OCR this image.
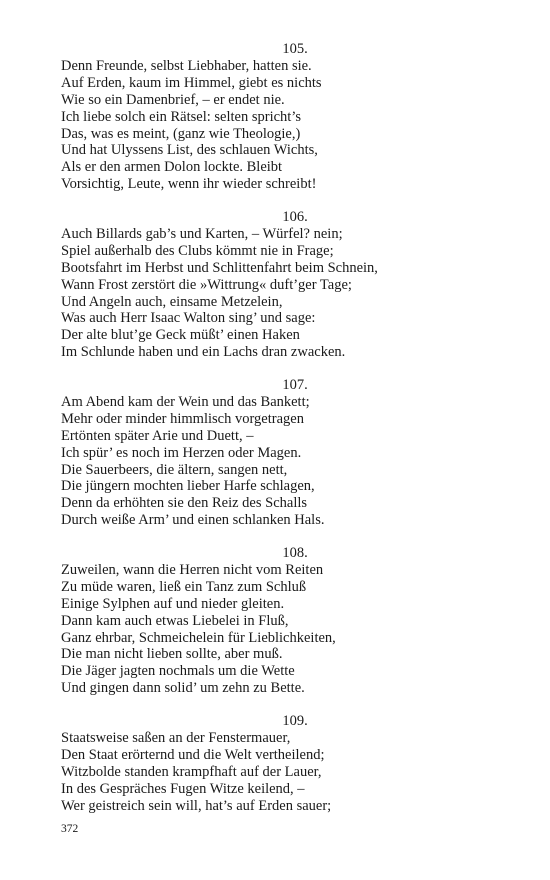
105.
Denn Freunde, selbst Liebhaber, hatten sie.
Auf Erden, kaum im Himmel, giebt es nichts
Wie so ein Damenbrief, – er endet nie.
Ich liebe solch ein Rätsel: selten spricht’s
Das, was es meint, (ganz wie Theologie,)
Und hat Ulyssens List, des schlauen Wichts,
Als er den armen Dolon lockte. Bleibt
Vorsichtig, Leute, wenn ihr wieder schreibt!
106.
Auch Billards gab’s und Karten, – Würfel? nein;
Spiel außerhalb des Clubs kömmt nie in Frage;
Bootsfahrt im Herbst und Schlittenfahrt beim Schnein,
Wann Frost zerstört die »Wittrung« duft’ger Tage;
Und Angeln auch, einsame Metzelein,
Was auch Herr Isaac Walton sing’ und sage:
Der alte blut’ge Geck müßt’ einen Haken
Im Schlunde haben und ein Lachs dran zwacken.
107.
Am Abend kam der Wein und das Bankett;
Mehr oder minder himmlisch vorgetragen
Ertönten später Arie und Duett, –
Ich spür’ es noch im Herzen oder Magen.
Die Sauerbeers, die ältern, sangen nett,
Die jüngern mochten lieber Harfe schlagen,
Denn da erhöhten sie den Reiz des Schalls
Durch weiße Arm’ und einen schlanken Hals.
108.
Zuweilen, wann die Herren nicht vom Reiten
Zu müde waren, ließ ein Tanz zum Schluß
Einige Sylphen auf und nieder gleiten.
Dann kam auch etwas Liebelei in Fluß,
Ganz ehrbar, Schmeichelein für Lieblichkeiten,
Die man nicht lieben sollte, aber muß.
Die Jäger jagten nochmals um die Wette
Und gingen dann solid’ um zehn zu Bette.
109.
Staatsweise saßen an der Fenstermauer,
Den Staat erörternd und die Welt vertheilend;
Witzbolde standen krampfhaft auf der Lauer,
In des Gespräches Fugen Witze keilend, –
Wer geistreich sein will, hat’s auf Erden sauer;
372
